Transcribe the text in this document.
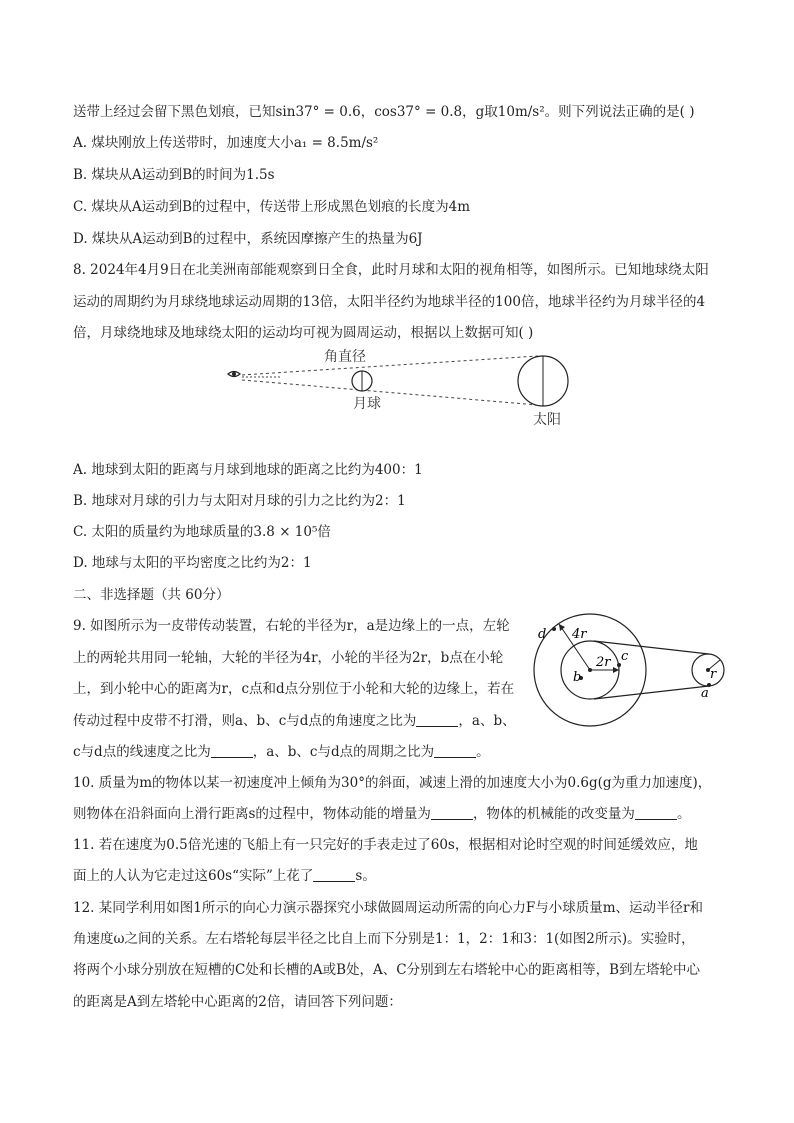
送带上经过会留下黑色划痕，已知sin37° = 0.6，cos37° = 0.8，g取10m/s²。则下列说法正确的是( )
A. 煤块刚放上传送带时，加速度大小a₁ = 8.5m/s²
B. 煤块从A运动到B的时间为1.5s
C. 煤块从A运动到B的过程中，传送带上形成黑色划痕的长度为4m
D. 煤块从A运动到B的过程中，系统因摩擦产生的热量为6J
8. 2024年4月9日在北美洲南部能观察到日全食，此时月球和太阳的视角相等，如图所示。已知地球绕太阳
运动的周期约为月球绕地球运动周期的13倍，太阳半径约为地球半径的100倍，地球半径约为月球半径的4
倍，月球绕地球及地球绕太阳的运动均可视为圆周运动，根据以上数据可知( )
角直径
月球
太阳
A. 地球到太阳的距离与月球到地球的距离之比约为400：1
B. 地球对月球的引力与太阳对月球的引力之比约为2：1
C. 太阳的质量约为地球质量的3.8 × 10⁵倍
D. 地球与太阳的平均密度之比约为2：1
二、非选择题（共 60分）
9. 如图所示为一皮带传动装置，右轮的半径为r，a是边缘上的一点，左轮
上的两轮共用同一轮轴，大轮的半径为4r，小轮的半径为2r，b点在小轮
上，到小轮中心的距离为r，c点和d点分别位于小轮和大轮的边缘上，若在
传动过程中皮带不打滑，则a、b、c与d点的角速度之比为	，a、b、
c与d点的线速度之比为	，a、b、c与d点的周期之比为	。
d 4r
2r c
b	r
a
10. 质量为m的物体以某一初速度冲上倾角为30°的斜面，减速上滑的加速度大小为0.6g(g为重力加速度)，
则物体在沿斜面向上滑行距离s的过程中，物体动能的增量为	，物体的机械能的改变量为	。
11. 若在速度为0.5倍光速的飞船上有一只完好的手表走过了60s，根据相对论时空观的时间延缓效应，地
面上的人认为它走过这60s“实际”上花了	s。
12. 某同学利用如图1所示的向心力演示器探究小球做圆周运动所需的向心力F与小球质量m、运动半径r和
角速度ω之间的关系。左右塔轮每层半径之比自上而下分别是1：1，2：1和3：1(如图2所示)。实验时，
将两个小球分别放在短槽的C处和长槽的A或B处，A、C分别到左右塔轮中心的距离相等，B到左塔轮中心
的距离是A到左塔轮中心距离的2倍，请回答下列问题：
